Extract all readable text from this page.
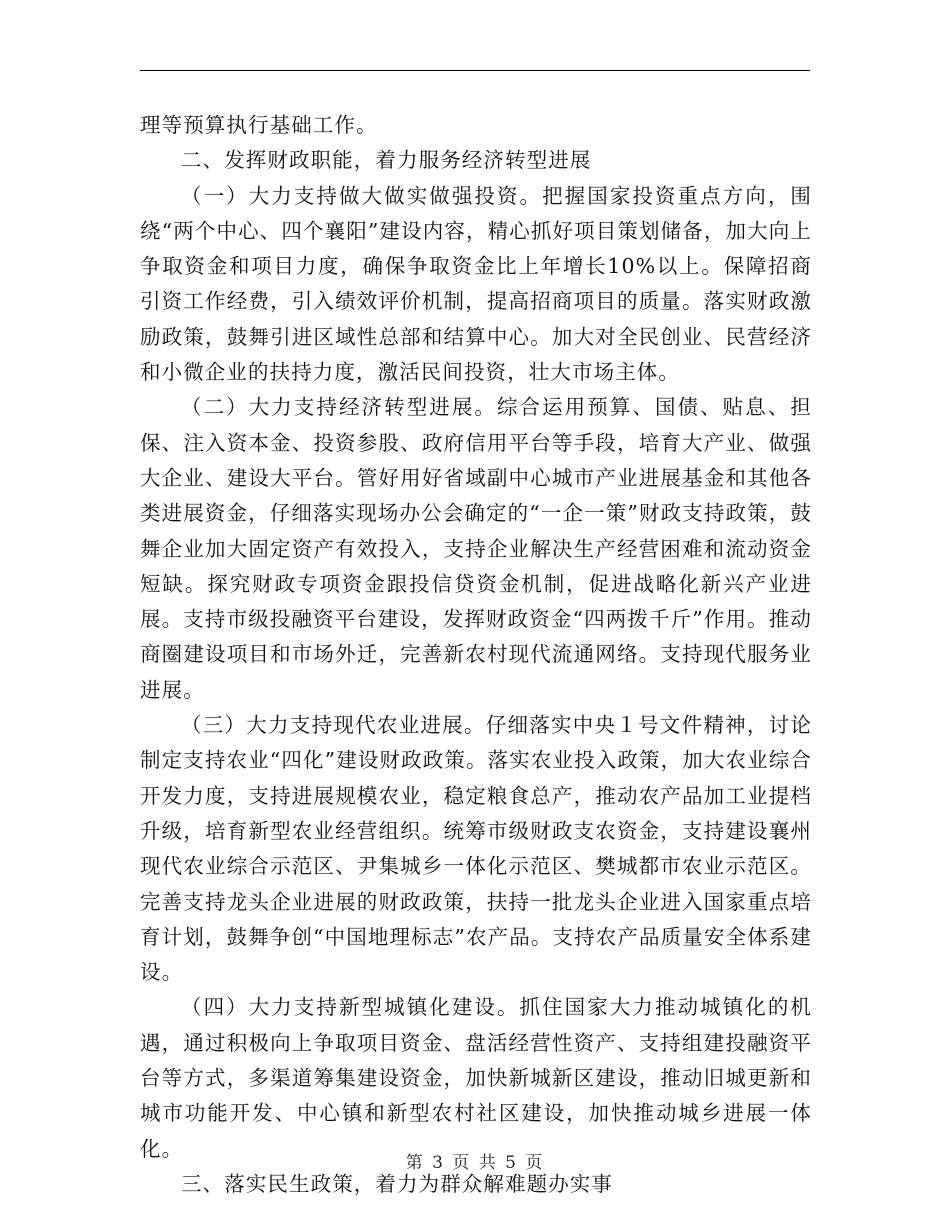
理等预算执行基础工作。

二、发挥财政职能，着力服务经济转型进展

（一）大力支持做大做实做强投资。把握国家投资重点方向，围绕“两个中心、四个襄阳”建设内容，精心抓好项目策划储备，加大向上争取资金和项目力度，确保争取资金比上年增长10%以上。保障招商引资工作经费，引入绩效评价机制，提高招商项目的质量。落实财政激励政策，鼓舞引进区域性总部和结算中心。加大对全民创业、民营经济和小微企业的扶持力度，激活民间投资，壮大市场主体。

（二）大力支持经济转型进展。综合运用预算、国债、贴息、担保、注入资本金、投资参股、政府信用平台等手段，培育大产业、做强大企业、建设大平台。管好用好省域副中心城市产业进展基金和其他各类进展资金，仔细落实现场办公会确定的“一企一策”财政支持政策，鼓舞企业加大固定资产有效投入，支持企业解决生产经营困难和流动资金短缺。探究财政专项资金跟投信贷资金机制，促进战略化新兴产业进展。支持市级投融资平台建设，发挥财政资金“四两拨千斤”作用。推动商圈建设项目和市场外迁，完善新农村现代流通网络。支持现代服务业进展。

（三）大力支持现代农业进展。仔细落实中央１号文件精神，讨论制定支持农业“四化”建设财政政策。落实农业投入政策，加大农业综合开发力度，支持进展规模农业，稳定粮食总产，推动农产品加工业提档升级，培育新型农业经营组织。统筹市级财政支农资金，支持建设襄州现代农业综合示范区、尹集城乡一体化示范区、樊城都市农业示范区。完善支持龙头企业进展的财政政策，扶持一批龙头企业进入国家重点培育计划，鼓舞争创“中国地理标志”农产品。支持农产品质量安全体系建设。

（四）大力支持新型城镇化建设。抓住国家大力推动城镇化的机遇，通过积极向上争取项目资金、盘活经营性资产、支持组建投融资平台等方式，多渠道筹集建设资金，加快新城新区建设，推动旧城更新和城市功能开发、中心镇和新型农村社区建设，加快推动城乡进展一体化。

三、落实民生政策，着力为群众解难题办实事

第 3 页 共 5 页
